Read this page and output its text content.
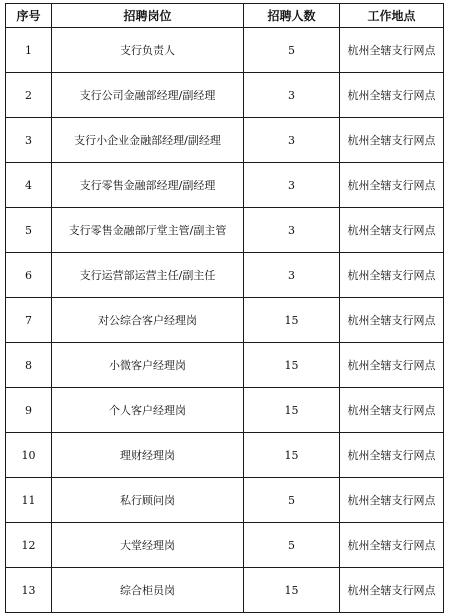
序号	招聘岗位	招聘人数	工作地点
1	支行负责人	5	杭州全辖支行网点
2	支行公司金融部经理/副经理	3	杭州全辖支行网点
3	支行小企业金融部经理/副经理	3	杭州全辖支行网点
4	支行零售金融部经理/副经理	3	杭州全辖支行网点
5	支行零售金融部厅堂主管/副主管	3	杭州全辖支行网点
6	支行运营部运营主任/副主任	3	杭州全辖支行网点
7	对公综合客户经理岗	15	杭州全辖支行网点
8	小微客户经理岗	15	杭州全辖支行网点
9	个人客户经理岗	15	杭州全辖支行网点
10	理财经理岗	15	杭州全辖支行网点
11	私行顾问岗	5	杭州全辖支行网点
12	大堂经理岗	5	杭州全辖支行网点
13	综合柜员岗	15	杭州全辖支行网点
